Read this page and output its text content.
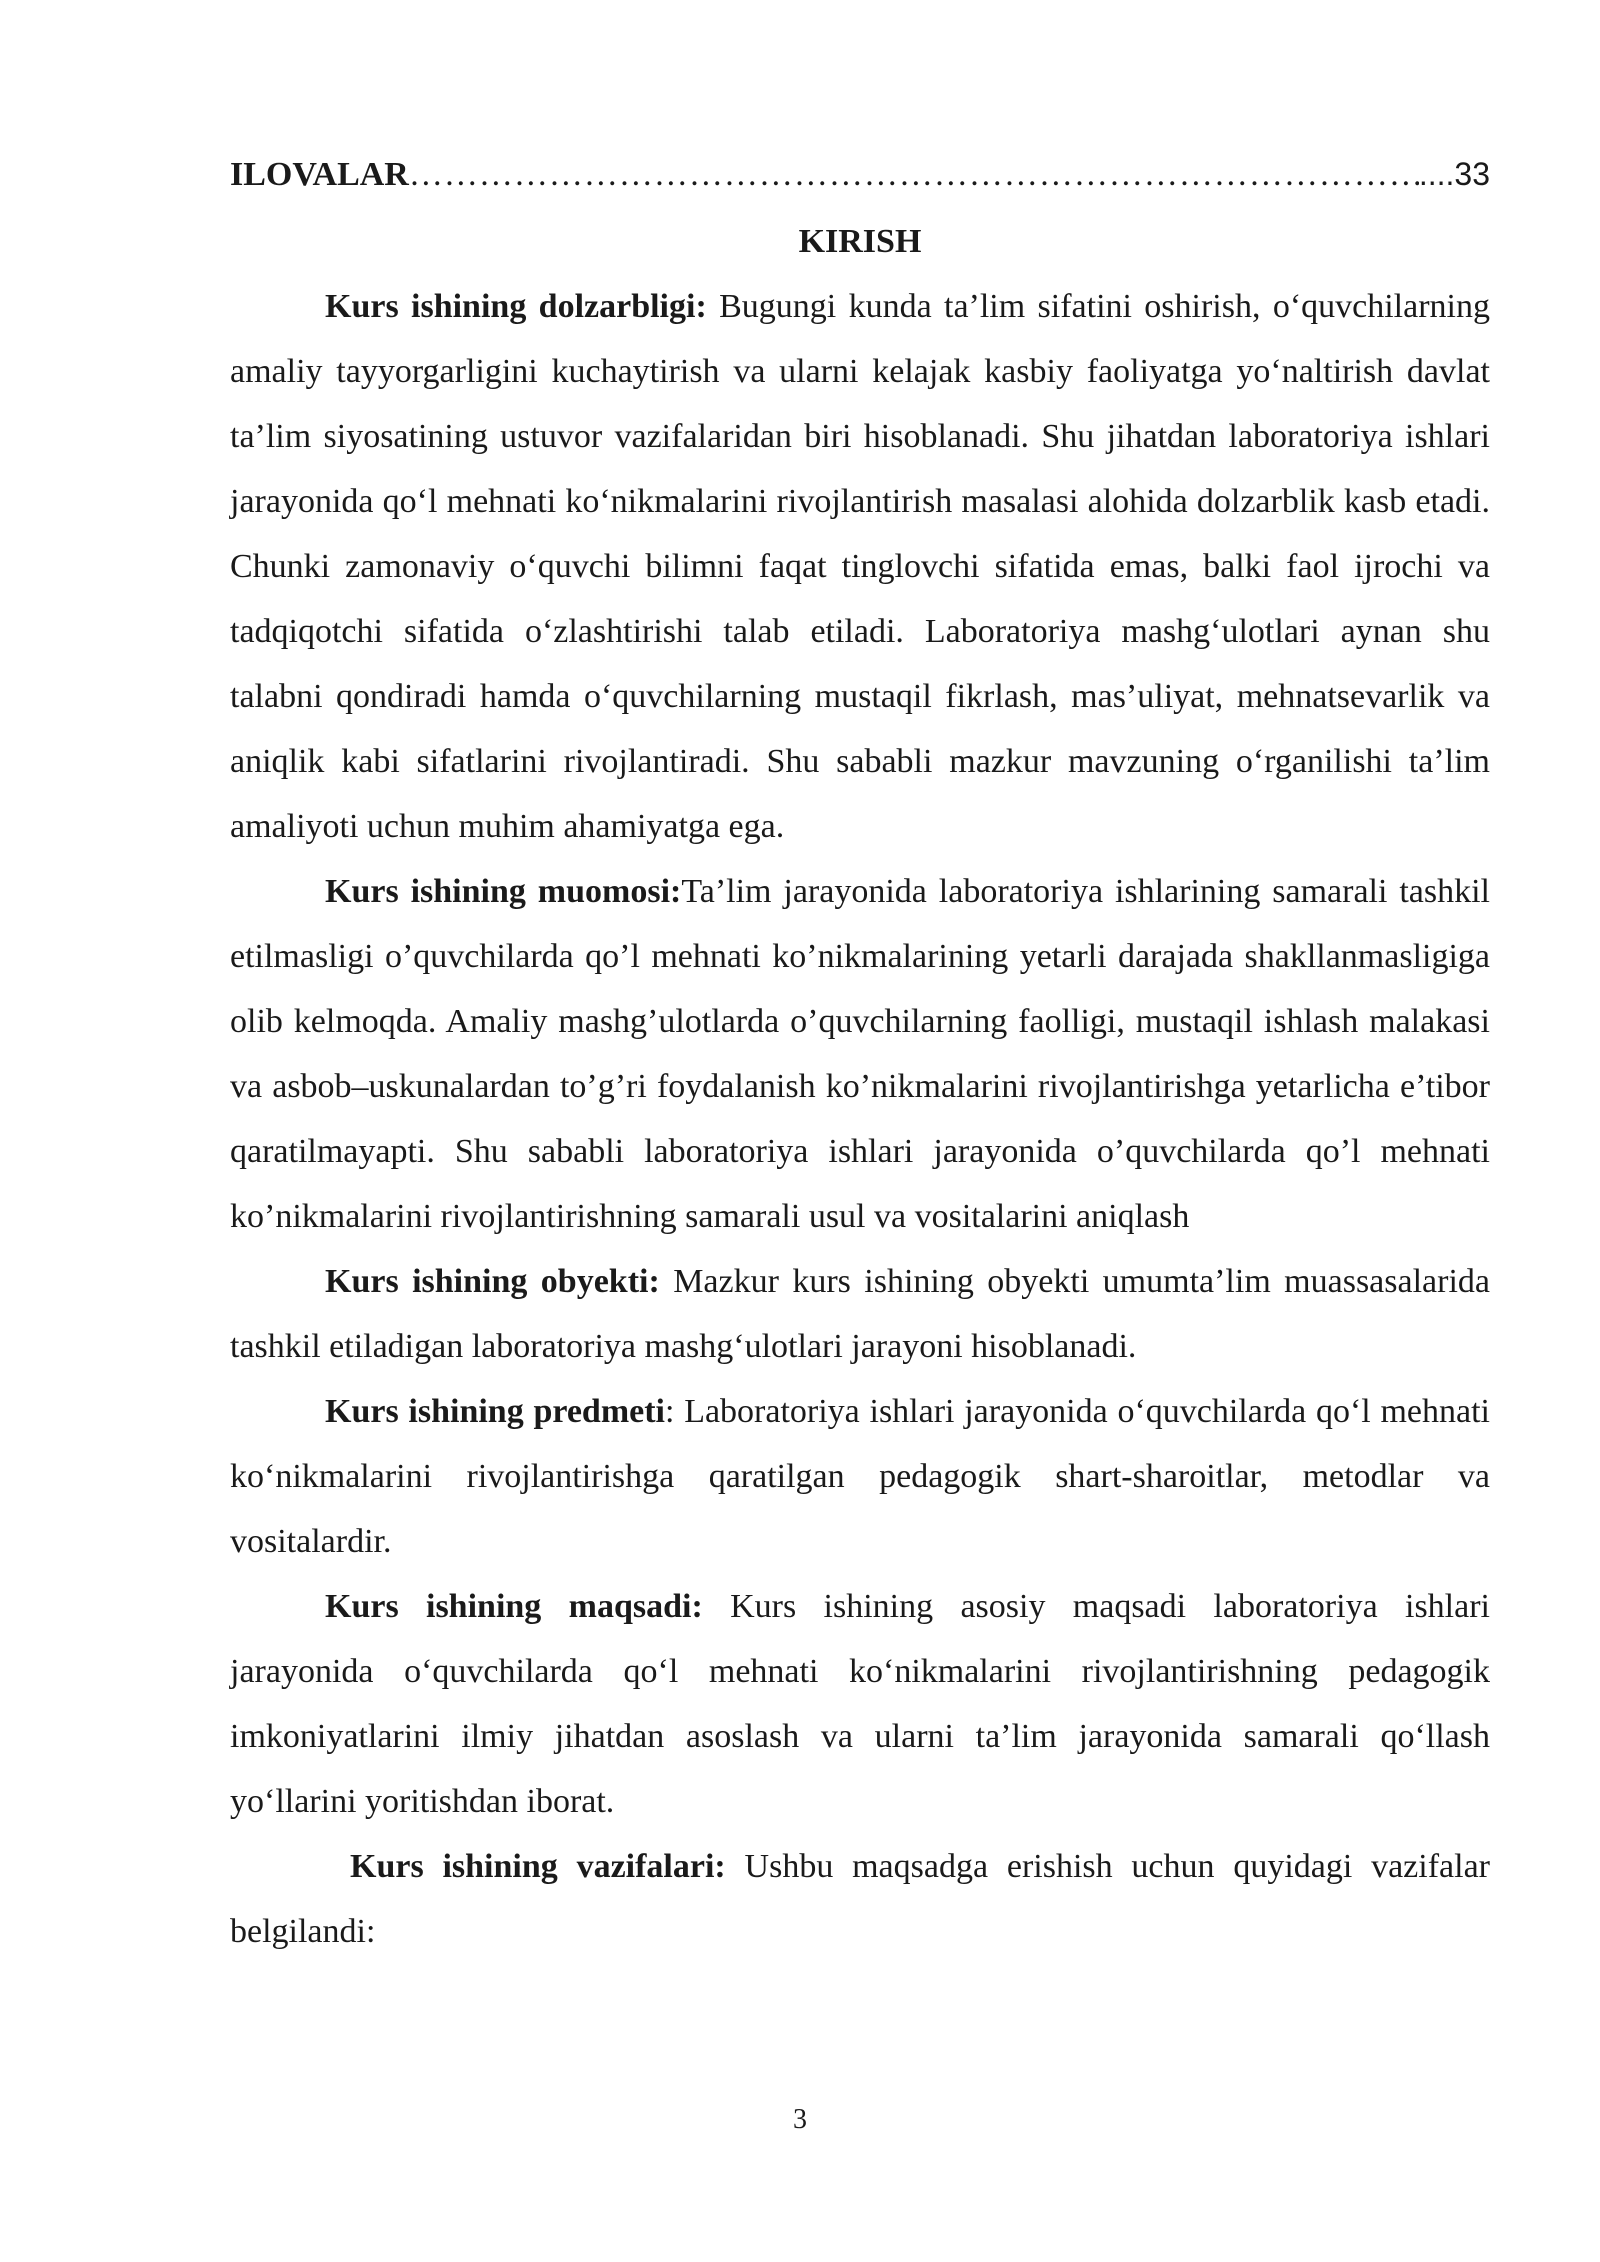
ILOVALAR
………………………………………………………………………………………………………………………………………………	....33
KIRISH

Kurs ishining dolzarbligi: Bugungi kunda ta’lim sifatini oshirish, o‘quvchilarning amaliy tayyorgarligini kuchaytirish va ularni kelajak kasbiy faoliyatga yo‘naltirish davlat ta’lim siyosatining ustuvor vazifalaridan biri hisoblanadi. Shu jihatdan laboratoriya ishlari jarayonida qo‘l mehnati ko‘nikmalarini rivojlantirish masalasi alohida dolzarblik kasb etadi. Chunki zamonaviy o‘quvchi bilimni faqat tinglovchi sifatida emas, balki faol ijrochi va tadqiqotchi sifatida o‘zlashtirishi talab etiladi. Laboratoriya mashg‘ulotlari aynan shu talabni qondiradi hamda o‘quvchilarning mustaqil fikrlash, mas’uliyat, mehnatsevarlik va aniqlik kabi sifatlarini rivojlantiradi. Shu sababli mazkur mavzuning o‘rganilishi ta’lim amaliyoti uchun muhim ahamiyatga ega.

Kurs ishining muomosi:Ta’lim jarayonida laboratoriya ishlarining samarali tashkil etilmasligi o’quvchilarda qo’l mehnati ko’nikmalarining yetarli darajada shakllanmasligiga olib kelmoqda. Amaliy mashg’ulotlarda o’quvchilarning faolligi, mustaqil ishlash malakasi va asbob–uskunalardan to’g’ri foydalanish ko’nikmalarini rivojlantirishga yetarlicha e’tibor qaratilmayapti. Shu sababli laboratoriya ishlari jarayonida o’quvchilarda qo’l mehnati ko’nikmalarini rivojlantirishning samarali usul va vositalarini aniqlash

Kurs ishining obyekti: Mazkur kurs ishining obyekti umumta’lim muassasalarida tashkil etiladigan laboratoriya mashg‘ulotlari jarayoni hisoblanadi.

Kurs ishining predmeti: Laboratoriya ishlari jarayonida o‘quvchilarda qo‘l mehnati ko‘nikmalarini rivojlantirishga qaratilgan pedagogik shart-sharoitlar, metodlar va vositalardir.

Kurs ishining maqsadi: Kurs ishining asosiy maqsadi laboratoriya ishlari jarayonida o‘quvchilarda qo‘l mehnati ko‘nikmalarini rivojlantirishning pedagogik imkoniyatlarini ilmiy jihatdan asoslash va ularni ta’lim jarayonida samarali qo‘llash yo‘llarini yoritishdan iborat.

Kurs ishining vazifalari: Ushbu maqsadga erishish uchun quyidagi vazifalar belgilandi:

3
